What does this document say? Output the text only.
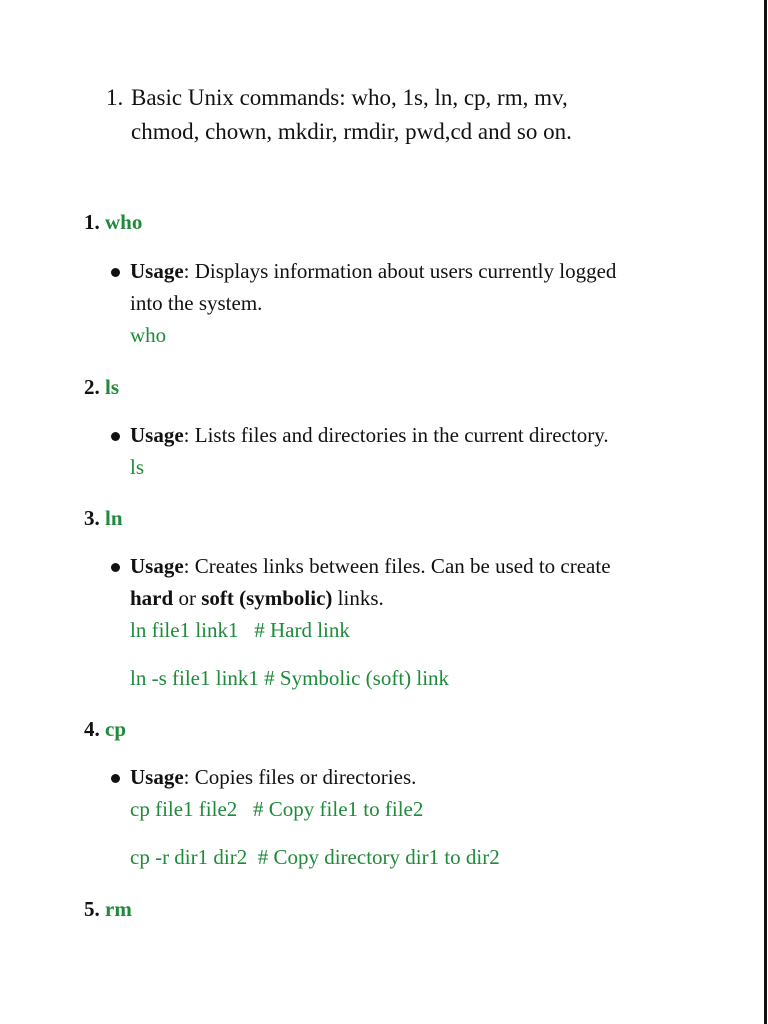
1. Basic Unix commands: who, 1s, ln, cp, rm, mv,

chmod, chown, mkdir, rmdir, pwd,cd and so on.

1. who

Usage: Displays information about users currently logged

into the system.

who

2. ls

Usage: Lists files and directories in the current directory.

ls

3. ln

Usage: Creates links between files. Can be used to create

hard or soft (symbolic) links.

ln file1 link1   # Hard link

ln -s file1 link1 # Symbolic (soft) link

4. cp

Usage: Copies files or directories.

cp file1 file2   # Copy file1 to file2

cp -r dir1 dir2  # Copy directory dir1 to dir2

5. rm
